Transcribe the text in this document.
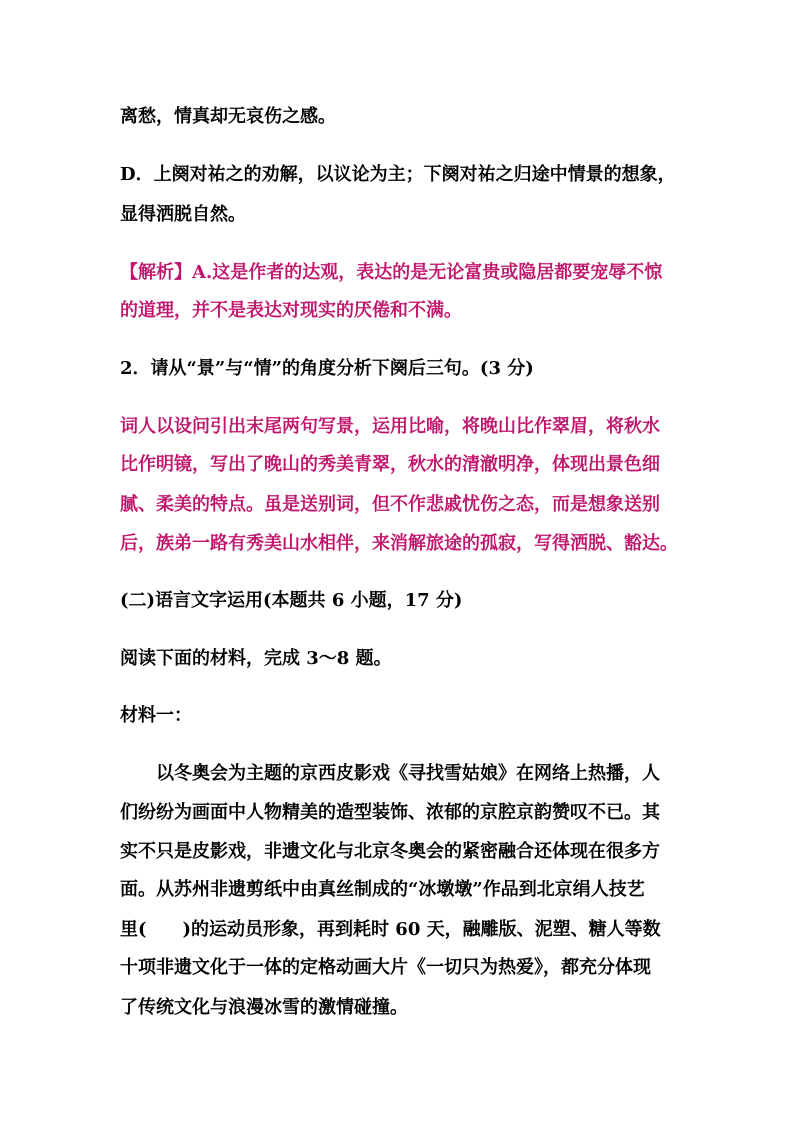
离愁，情真却无哀伤之感。
D．上阕对祐之的劝解，以议论为主；下阕对祐之归途中情景的想象，
显得洒脱自然。
【解析】A.这是作者的达观，表达的是无论富贵或隐居都要宠辱不惊
的道理，并不是表达对现实的厌倦和不满。
2．请从“景”与“情”的角度分析下阕后三句。(3 分)
词人以设问引出末尾两句写景，运用比喻，将晚山比作翠眉，将秋水
比作明镜，写出了晚山的秀美青翠，秋水的清澈明净，体现出景色细
腻、柔美的特点。虽是送别词，但不作悲戚忧伤之态，而是想象送别
后，族弟一路有秀美山水相伴，来消解旅途的孤寂，写得洒脱、豁达。
(二)语言文字运用(本题共 6 小题，17 分)
阅读下面的材料，完成 3～8 题。
材料一：
以冬奥会为主题的京西皮影戏《寻找雪姑娘》在网络上热播，人
们纷纷为画面中人物精美的造型装饰、浓郁的京腔京韵赞叹不已。其
实不只是皮影戏，非遗文化与北京冬奥会的紧密融合还体现在很多方
面。从苏州非遗剪纸中由真丝制成的“冰墩墩”作品到北京绢人技艺
里(　　)的运动员形象，再到耗时 60 天，融雕版、泥塑、糖人等数
十项非遗文化于一体的定格动画大片《一切只为热爱》，都充分体现
了传统文化与浪漫冰雪的激情碰撞。
